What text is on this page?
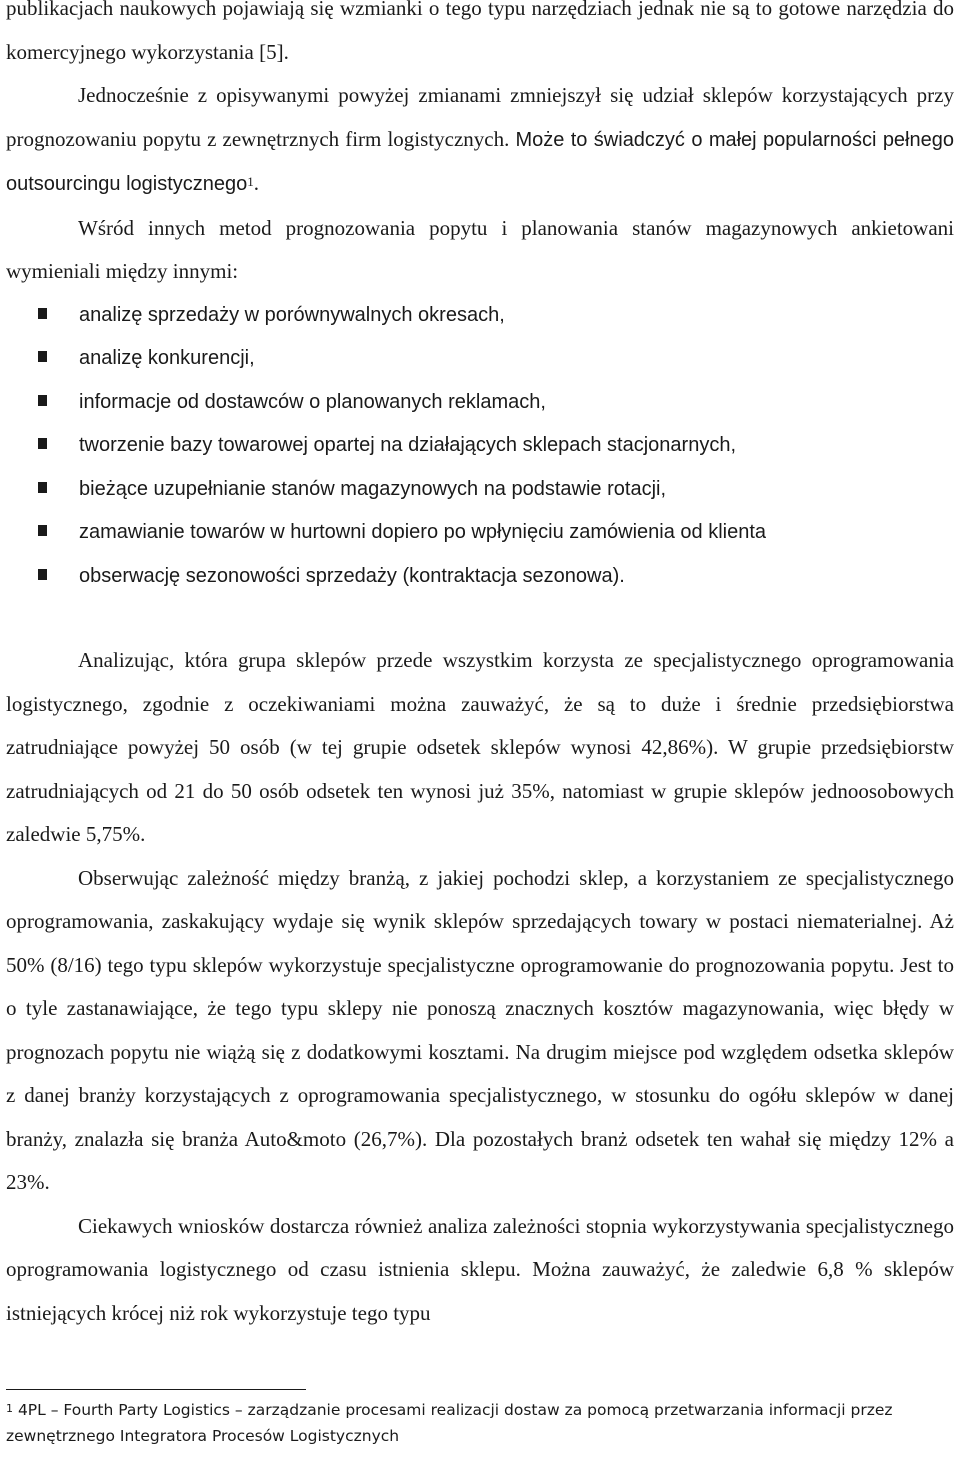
publikacjach naukowych pojawiają się wzmianki o tego typu narzędziach jednak nie są to gotowe narzędzia do komercyjnego wykorzystania [5].

Jednocześnie z opisywanymi powyżej zmianami zmniejszył się udział sklepów korzystających przy prognozowaniu popytu z zewnętrznych firm logistycznych. Może to świadczyć o małej popularności pełnego outsourcingu logistycznego$^1$.

Wśród innych metod prognozowania popytu i planowania stanów magazynowych ankietowani wymieniali między innymi:

analizę sprzedaży w porównywalnych okresach,
analizę konkurencji,
informacje od dostawców o planowanych reklamach,
tworzenie bazy towarowej opartej na działających sklepach stacjonarnych,
bieżące uzupełnianie stanów magazynowych na podstawie rotacji,
zamawianie towarów w hurtowni dopiero po wpłynięciu zamówienia od klienta
obserwację sezonowości sprzedaży (kontraktacja sezonowa).

Analizując, która grupa sklepów przede wszystkim korzysta ze specjalistycznego oprogramowania logistycznego, zgodnie z oczekiwaniami można zauważyć, że są to duże i średnie przedsiębiorstwa zatrudniające powyżej 50 osób (w tej grupie odsetek sklepów wynosi 42,86%). W grupie przedsiębiorstw zatrudniających od 21 do 50 osób odsetek ten wynosi już 35%, natomiast w grupie sklepów jednoosobowych zaledwie 5,75%.

Obserwując zależność między branżą, z jakiej pochodzi sklep, a korzystaniem ze specjalistycznego oprogramowania, zaskakujący wydaje się wynik sklepów sprzedających towary w postaci niematerialnej. Aż 50% (8/16) tego typu sklepów wykorzystuje specjalistyczne oprogramowanie do prognozowania popytu. Jest to o tyle zastanawiające, że tego typu sklepy nie ponoszą znacznych kosztów magazynowania, więc błędy w prognozach popytu nie wiążą się z dodatkowymi kosztami. Na drugim miejsce pod względem odsetka sklepów z danej branży korzystających z oprogramowania specjalistycznego, w stosunku do ogółu sklepów w danej branży, znalazła się branża Auto&moto (26,7%). Dla pozostałych branż odsetek ten wahał się między 12% a 23%.

Ciekawych wniosków dostarcza również analiza zależności stopnia wykorzystywania specjalistycznego oprogramowania logistycznego od czasu istnienia sklepu. Można zauważyć, że zaledwie 6,8 % sklepów istniejących krócej niż rok wykorzystuje tego typu

$^1$ 4PL – Fourth Party Logistics – zarządzanie procesami realizacji dostaw za pomocą przetwarzania informacji przez zewnętrznego Integratora Procesów Logistycznych
